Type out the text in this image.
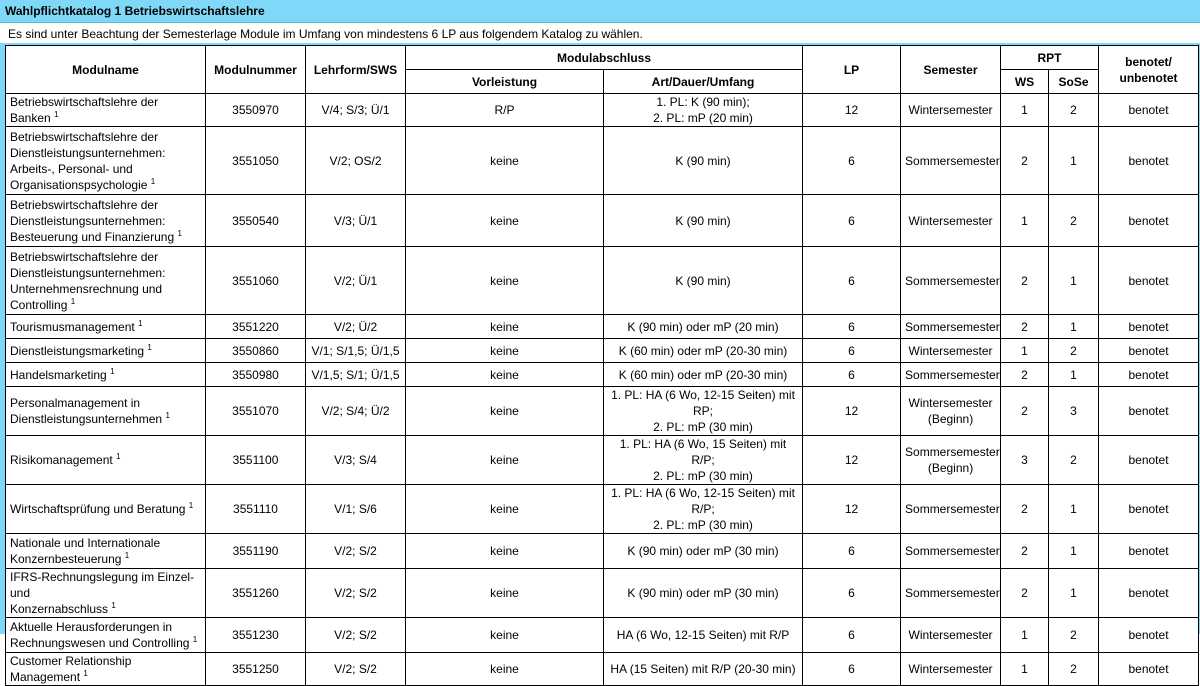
Wahlpflichtkatalog 1 Betriebswirtschaftslehre
Es sind unter Beachtung der Semesterlage Module im Umfang von mindestens 6 LP aus folgendem Katalog zu wählen.
Modulname	Modulnummer	Lehrform/SWS	Modulabschluss		LP	Semester	RPT		benotet/
unbenotet
			Vorleistung	Art/Dauer/Umfang			WS	SoSe	
Betriebswirtschaftslehre der Banken $^1$	3550970	V/4; S/3; Ü/1	R/P	1. PL: K (90 min);
2. PL: mP (20 min)	12	Wintersemester	1	2	benotet
Betriebswirtschaftslehre der
Dienstleistungsunternehmen:
Arbeits-, Personal- und
Organisationspsychologie $^1$	3551050	V/2; OS/2	keine	K (90 min)	6	Sommersemester	2	1	benotet
Betriebswirtschaftslehre der
Dienstleistungsunternehmen:
Besteuerung und Finanzierung $^1$	3550540	V/3; Ü/1	keine	K (90 min)	6	Wintersemester	1	2	benotet
Betriebswirtschaftslehre der
Dienstleistungsunternehmen:
Unternehmensrechnung und
Controlling $^1$	3551060	V/2; Ü/1	keine	K (90 min)	6	Sommersemester	2	1	benotet
Tourismusmanagement $^1$	3551220	V/2; Ü/2	keine	K (90 min) oder mP (20 min)	6	Sommersemester	2	1	benotet
Dienstleistungsmarketing $^1$	3550860	V/1; S/1,5; Ü/1,5	keine	K (60 min) oder mP (20-30 min)	6	Wintersemester	1	2	benotet
Handelsmarketing $^1$	3550980	V/1,5; S/1; Ü/1,5	keine	K (60 min) oder mP (20-30 min)	6	Sommersemester	2	1	benotet
Personalmanagement in
Dienstleistungsunternehmen $^1$	3551070	V/2; S/4; Ü/2	keine	1. PL: HA (6 Wo, 12-15 Seiten) mit RP;
2. PL: mP (30 min)	12	Wintersemester
(Beginn)	2	3	benotet
Risikomanagement $^1$	3551100	V/3; S/4	keine	1. PL: HA (6 Wo, 15 Seiten) mit R/P;
2. PL: mP (30 min)	12	Sommersemester
(Beginn)	3	2	benotet
Wirtschaftsprüfung und Beratung $^1$	3551110	V/1; S/6	keine	1. PL: HA (6 Wo, 12-15 Seiten) mit R/P;
2. PL: mP (30 min)	12	Sommersemester	2	1	benotet
Nationale und Internationale
Konzernbesteuerung $^1$	3551190	V/2; S/2	keine	K (90 min) oder mP (30 min)	6	Sommersemester	2	1	benotet
IFRS-Rechnungslegung im Einzel- und
Konzernabschluss $^1$	3551260	V/2; S/2	keine	K (90 min) oder mP (30 min)	6	Sommersemester	2	1	benotet
Aktuelle Herausforderungen in
Rechnungswesen und Controlling $^1$	3551230	V/2; S/2	keine	HA (6 Wo, 12-15 Seiten) mit R/P	6	Wintersemester	1	2	benotet
Customer Relationship Management $^1$	3551250	V/2; S/2	keine	HA (15 Seiten) mit R/P (20-30 min)	6	Wintersemester	1	2	benotet
